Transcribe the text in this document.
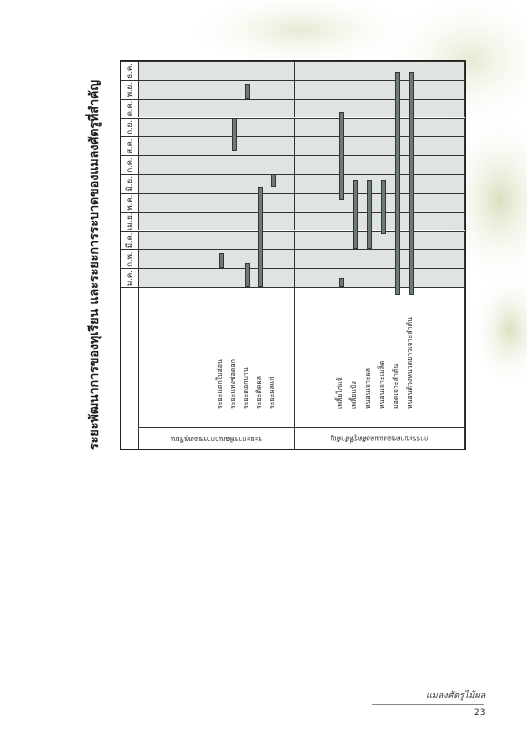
ระยะพัฒนาการของทุเรียน และระยะการระบาดของแมลงศัตรูที่สำคัญ	ม.ค.
ก.พ.
มี.ค.
เม.ย.
พ.ค.
มิ.ย.
ก.ค.
ส.ค.
ก.ย.
ต.ค.
พ.ย.
ธ.ค.
ระยะการพัฒนาการของทุเรียน
ระยะแตกใบอ่อน ระยะแทงช่อดอก ระยะดอกบาน ระยะติดผล ระยะผลแก่
การระบาดของแมลงศัตรูที่สำคัญ
เพลี้ยไก่แจ้ เพลี้ยแป้ง หนอนเจาะผล หนอนเจาะเมล็ด มอดเจาะลำต้น หนอนด้วงหนวดยาวเจาะลำต้น
แมลงศัตรูไม้ผล
23
